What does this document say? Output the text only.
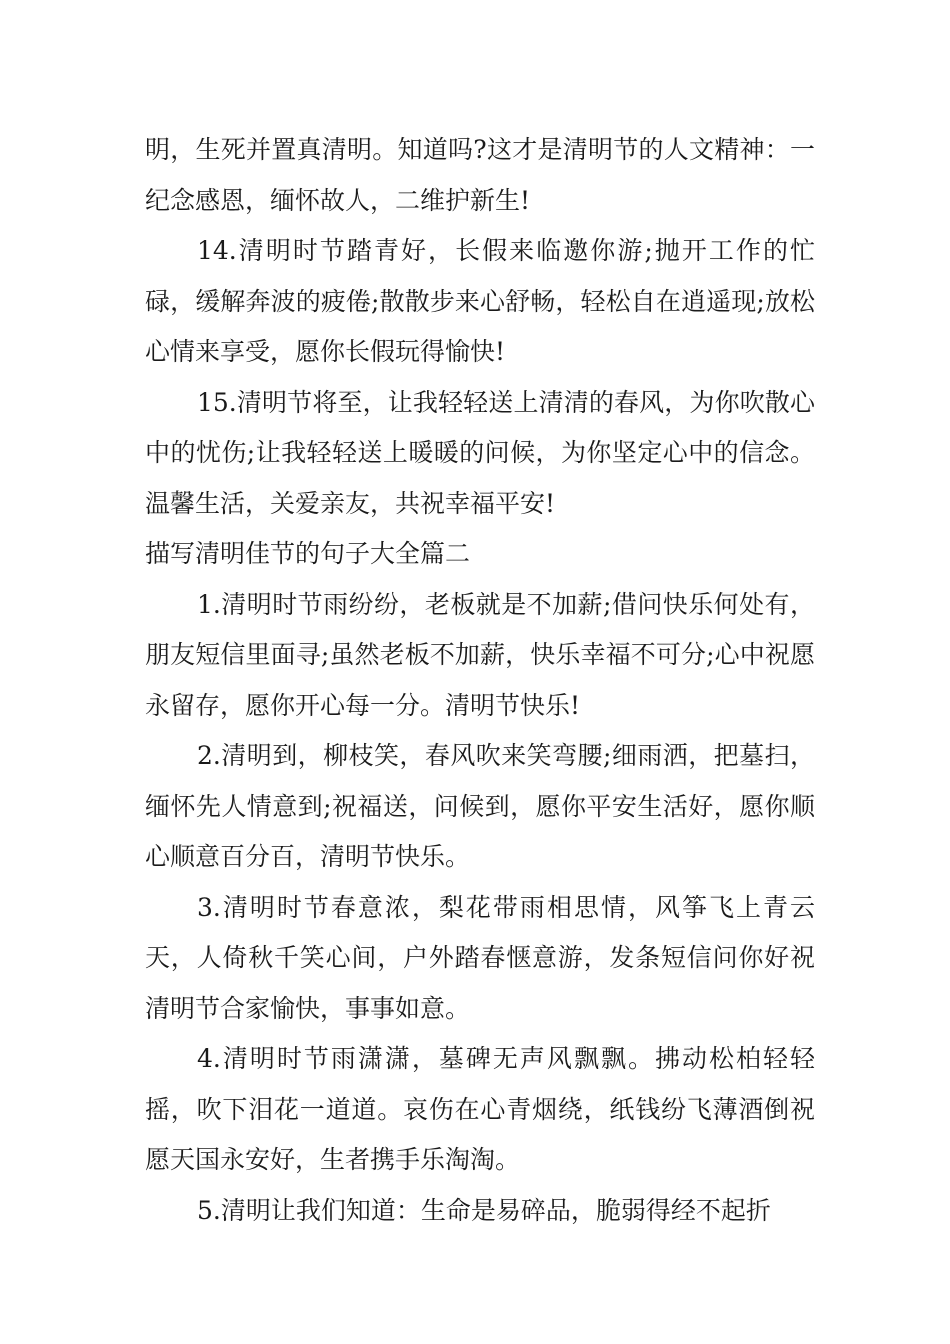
明，生死并置真清明。知道吗?这才是清明节的人文精神：一纪念感恩，缅怀故人，二维护新生!

14.清明时节踏青好，长假来临邀你游;抛开工作的忙碌，缓解奔波的疲倦;散散步来心舒畅，轻松自在逍遥现;放松心情来享受，愿你长假玩得愉快!

15.清明节将至，让我轻轻送上清清的春风，为你吹散心中的忧伤;让我轻轻送上暖暖的问候，为你坚定心中的信念。温馨生活，关爱亲友，共祝幸福平安!

描写清明佳节的句子大全篇二

1.清明时节雨纷纷，老板就是不加薪;借问快乐何处有，朋友短信里面寻;虽然老板不加薪，快乐幸福不可分;心中祝愿永留存，愿你开心每一分。清明节快乐!

2.清明到，柳枝笑，春风吹来笑弯腰;细雨洒，把墓扫，缅怀先人情意到;祝福送，问候到，愿你平安生活好，愿你顺心顺意百分百，清明节快乐。

3.清明时节春意浓，梨花带雨相思情，风筝飞上青云天，人倚秋千笑心间，户外踏春惬意游，发条短信问你好祝清明节合家愉快，事事如意。

4.清明时节雨潇潇，墓碑无声风飘飘。拂动松柏轻轻摇，吹下泪花一道道。哀伤在心青烟绕，纸钱纷飞薄酒倒祝愿天国永安好，生者携手乐淘淘。

5.清明让我们知道：生命是易碎品，脆弱得经不起折
